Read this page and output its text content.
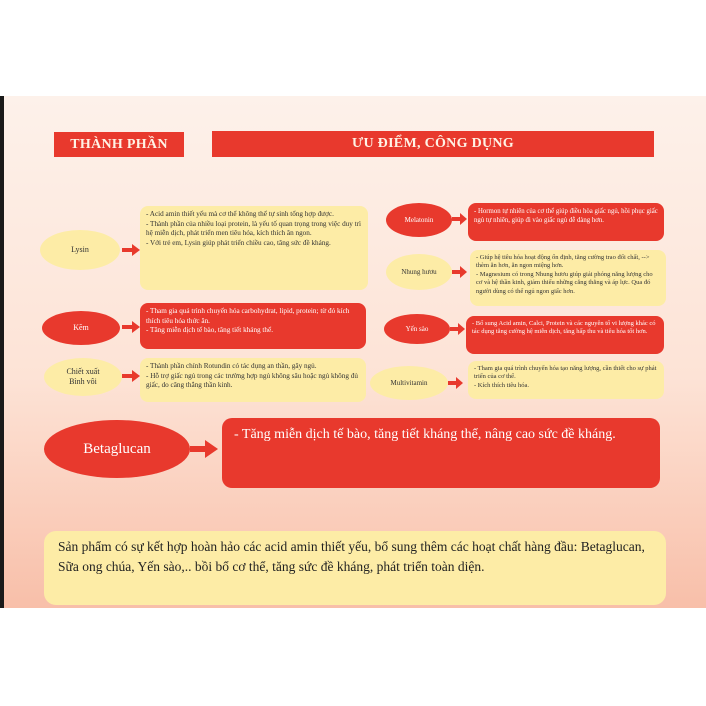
THÀNH PHẦN	ƯU ĐIỂM, CÔNG DỤNG
Lysin
- Acid amin thiết yếu mà cơ thể không thể tự sinh tổng hợp được.
- Thành phần của nhiều loại protein, là yếu tố quan trọng trong việc duy trì hệ miễn dịch, phát triển men tiêu hóa, kích thích ăn ngon.
- Với trẻ em, Lysin giúp phát triển chiều cao, tăng sức đề kháng.
Kẽm
- Tham gia quá trình chuyển hóa carbohydrat, lipid, protein; từ đó kích thích tiêu hóa thức ăn.
- Tăng miễn dịch tế bào, tăng tiết kháng thể.
Chiết xuất Bình vôi
- Thành phần chính Rotundin có tác dụng an thần, gây ngủ.
- Hỗ trợ giấc ngủ trong các trường hợp ngủ không sâu hoặc ngủ không đủ giấc, do căng thẳng thần kinh.
Melatonin
- Hormon tự nhiên của cơ thể giúp điều hòa giấc ngủ, hồi phục giấc ngủ tự nhiên, giúp đi vào giấc ngủ dễ dàng hơn.
Nhung hươu
- Giúp hệ tiêu hóa hoạt động ổn định, tăng cường trao đổi chất, --> thèm ăn hơn, ăn ngon miệng hơn.
- Magnesium có trong Nhung hươu giúp giải phóng năng lượng cho cơ và hệ thần kinh, giảm thiểu những căng thẳng và áp lực. Qua đó người dùng có thể ngủ ngon giấc hơn.
Yến sào
- Bổ sung Acid amin, Calci, Protein và các nguyên tố vi lượng khác có tác dụng tăng cường hệ miễn dịch, tăng hấp thu và tiêu hóa tốt hơn.
Multivitamin
- Tham gia quá trình chuyển hóa tạo năng lượng, cần thiết cho sự phát triển của cơ thể.
- Kích thích tiêu hóa.
Betaglucan
- Tăng miễn dịch tế bào, tăng tiết kháng thể, nâng cao sức đề kháng.
Sản phẩm có sự kết hợp hoàn hảo các acid amin thiết yếu, bổ sung thêm các hoạt chất hàng đầu: Betaglucan, Sữa ong chúa, Yến sào,.. bồi bổ cơ thể, tăng sức đề kháng, phát triển toàn diện.
